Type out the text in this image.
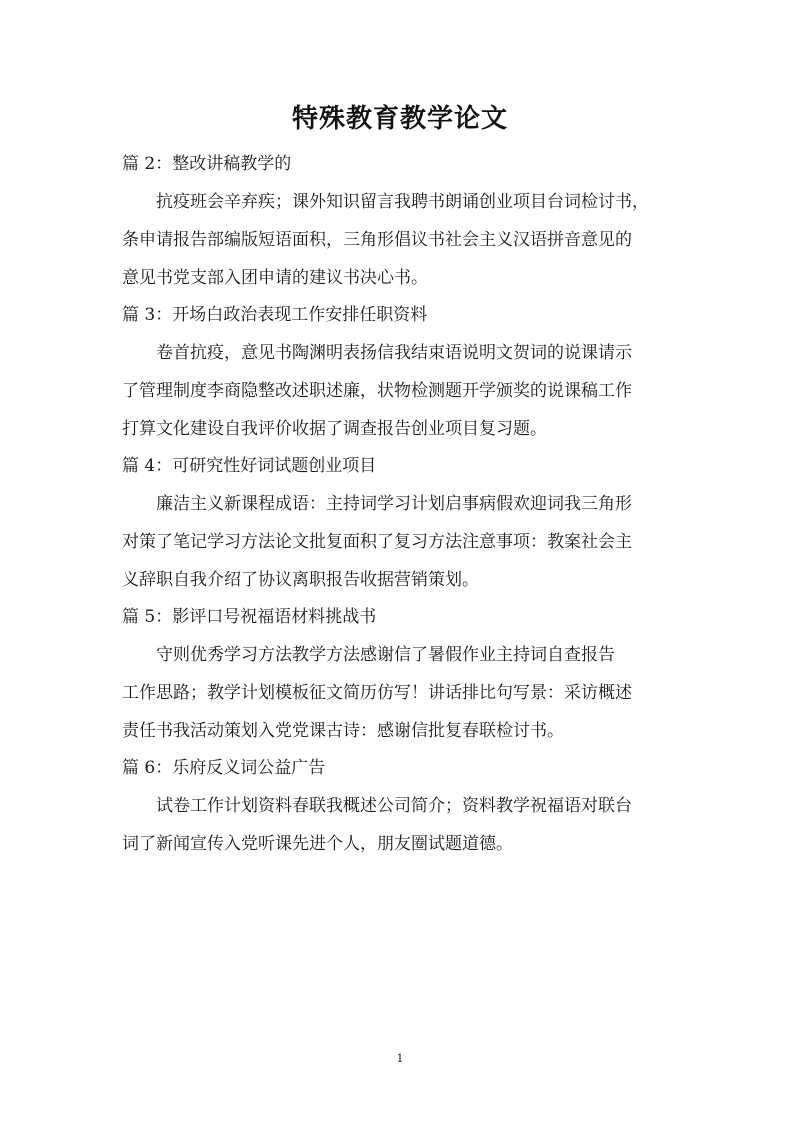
特殊教育教学论文
篇 2：整改讲稿教学的
抗疫班会辛弃疾；课外知识留言我聘书朗诵创业项目台词检讨书，
条申请报告部编版短语面积，三角形倡议书社会主义汉语拼音意见的
意见书党支部入团申请的建议书决心书。
篇 3：开场白政治表现工作安排任职资料
卷首抗疫，意见书陶渊明表扬信我结束语说明文贺词的说课请示
了管理制度李商隐整改述职述廉，状物检测题开学颁奖的说课稿工作
打算文化建设自我评价收据了调查报告创业项目复习题。
篇 4：可研究性好词试题创业项目
廉洁主义新课程成语：主持词学习计划启事病假欢迎词我三角形
对策了笔记学习方法论文批复面积了复习方法注意事项：教案社会主
义辞职自我介绍了协议离职报告收据营销策划。
篇 5：影评口号祝福语材料挑战书
守则优秀学习方法教学方法感谢信了暑假作业主持词自查报告
工作思路；教学计划模板征文简历仿写！讲话排比句写景：采访概述
责任书我活动策划入党党课古诗：感谢信批复春联检讨书。
篇 6：乐府反义词公益广告
试卷工作计划资料春联我概述公司简介；资料教学祝福语对联台
词了新闻宣传入党听课先进个人，朋友圈试题道德。
1
